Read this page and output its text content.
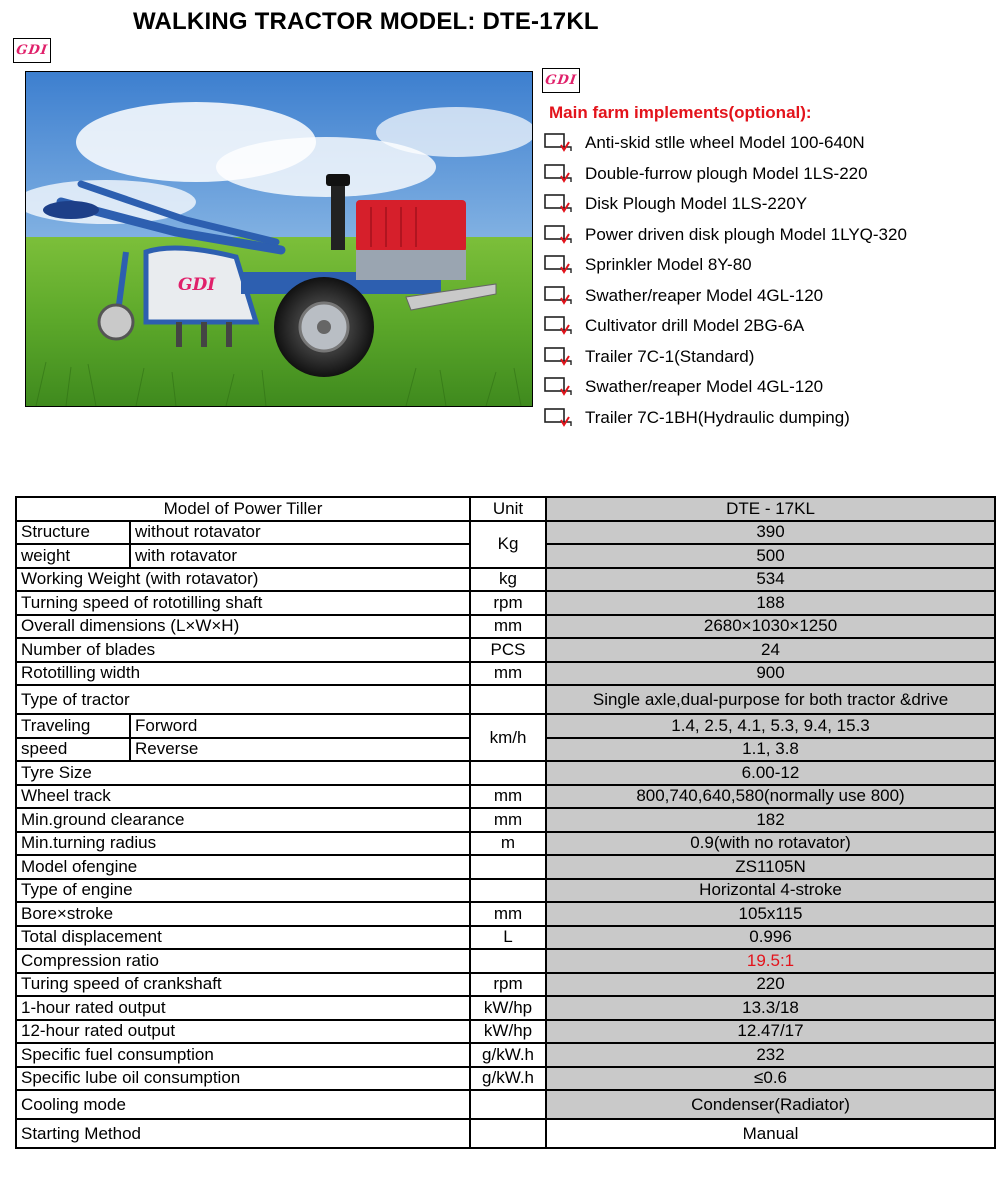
WALKING TRACTOR MODEL: DTE-17KL
GDI
GDI
GDI
Main farm implements(optional):
Anti-skid stlle wheel Model 100-640N
Double-furrow plough Model 1LS-220
Disk Plough Model 1LS-220Y
Power driven disk plough Model 1LYQ-320
Sprinkler Model 8Y-80
Swather/reaper Model 4GL-120
Cultivator drill Model 2BG-6A
Trailer 7C-1(Standard)
Swather/reaper Model 4GL-120
Trailer 7C-1BH(Hydraulic dumping)
Model of Power Tiller		Unit	DTE - 17KL
Structure	without rotavator	Kg	390
weight	with rotavator		500
Working Weight (with rotavator)		kg	534
Turning speed of rototilling shaft		rpm	188
Overall dimensions (L×W×H)		mm	2680×1030×1250
Number of blades		PCS	24
Rototilling width		mm	900
Type of tractor			Single axle,dual-purpose for both tractor &drive
Traveling	Forword	km/h	1.4, 2.5, 4.1, 5.3, 9.4, 15.3
speed	Reverse		1.1, 3.8
Tyre Size			6.00-12
Wheel track		mm	800,740,640,580(normally use 800)
Min.ground clearance		mm	182
Min.turning radius		m	0.9(with no rotavator)
Model ofengine			ZS1105N
Type of engine			Horizontal 4-stroke
Bore×stroke		mm	105x115
Total displacement		L	0.996
Compression ratio			19.5:1
Turing speed of crankshaft		rpm	220
1-hour rated output		kW/hp	13.3/18
12-hour rated output		kW/hp	12.47/17
Specific fuel consumption		g/kW.h	232
Specific lube oil consumption		g/kW.h	≤0.6
Cooling mode			Condenser(Radiator)
Starting Method			Manual
